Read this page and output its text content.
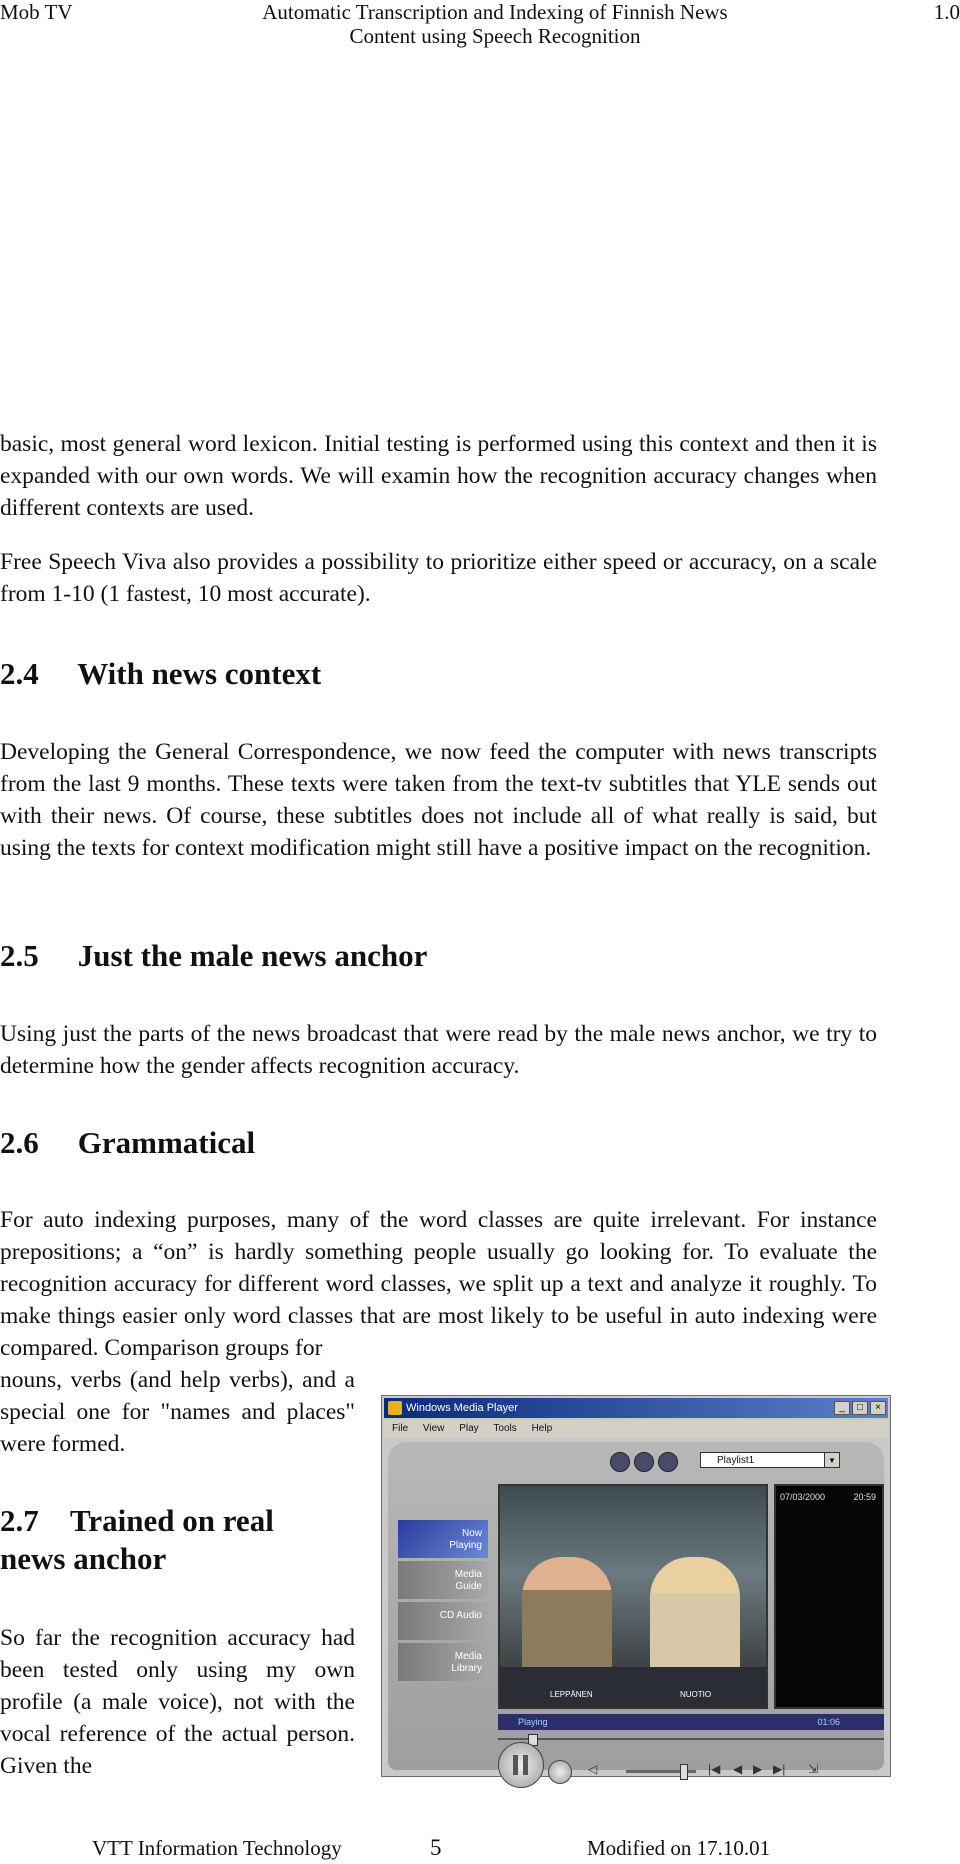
Mob TV	Automatic Transcription and Indexing of Finnish News
Content using Speech Recognition
1.0

basic, most general word lexicon. Initial testing is performed using this context and then it is expanded with our own words. We will examin how the recognition accuracy changes when different contexts are used.

Free Speech Viva also provides a possibility to prioritize either speed or accuracy, on a scale from 1-10 (1 fastest, 10 most accurate).

2.4 With news context

Developing the General Correspondence, we now feed the computer with news transcripts from the last 9 months. These texts were taken from the text-tv subtitles that YLE sends out with their news. Of course, these subtitles does not include all of what really is said, but using the texts for context modification might still have a positive impact on the recognition.

2.5 Just the male news anchor

Using just the parts of the news broadcast that were read by the male news anchor, we try to determine how the gender affects recognition accuracy.

2.6 Grammatical

For auto indexing purposes, many of the word classes are quite irrelevant. For instance prepositions; a “on” is hardly something people usually go looking for. To evaluate the recognition accuracy for different word classes, we split up a text and analyze it roughly. To make things easier only word classes that are most likely to be useful in auto indexing were compared. Comparison groups for

nouns, verbs (and help verbs), and a special one for "names and places" were formed.

2.7 Trained on real
news anchor

So far the recognition accuracy had been tested only using my own profile (a male voice), not with the vocal reference of the actual person. Given the

Windows Media Player	_	□	×
File View Play Tools Help
Playlist1	▼
Now
Playing
Media
Guide
CD Audio
Media
Library
LEPPÄNEN	NUOTIO
07/03/2000	20:59
Playing	01:06
◁	|◀ ◀ ▶ ▶| ⇲
VTT Information Technology	5	Modified on 17.10.01
